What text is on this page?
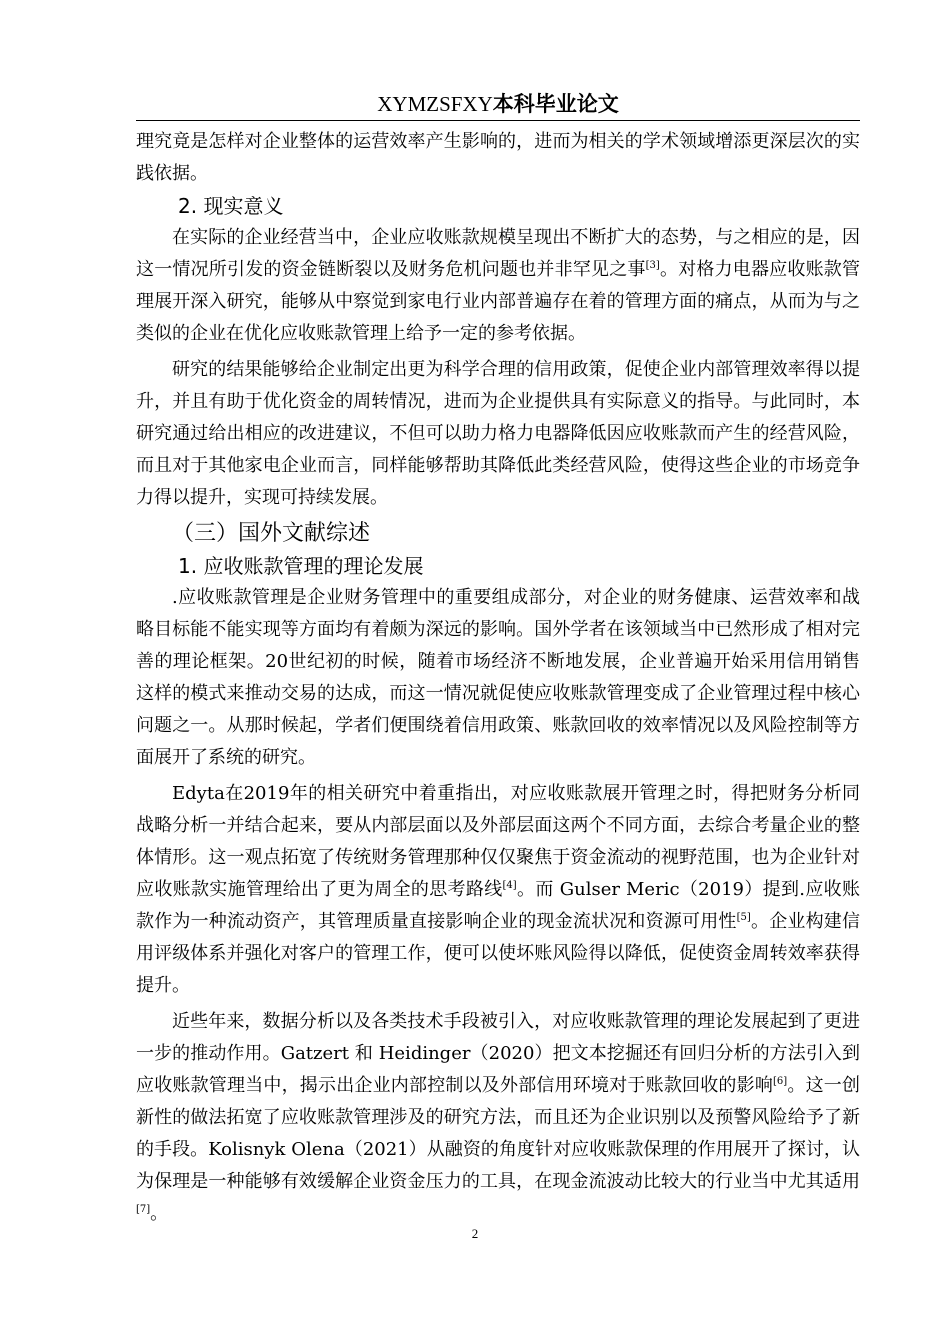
XYMZSFXY本科毕业论文

理究竟是怎样对企业整体的运营效率产生影响的，进而为相关的学术领域增添更深层次的实践依据。

2. 现实意义

在实际的企业经营当中，企业应收账款规模呈现出不断扩大的态势，与之相应的是，因这一情况所引发的资金链断裂以及财务危机问题也并非罕见之事[3]。对格力电器应收账款管理展开深入研究，能够从中察觉到家电行业内部普遍存在着的管理方面的痛点，从而为与之类似的企业在优化应收账款管理上给予一定的参考依据。

研究的结果能够给企业制定出更为科学合理的信用政策，促使企业内部管理效率得以提升，并且有助于优化资金的周转情况，进而为企业提供具有实际意义的指导。与此同时，本研究通过给出相应的改进建议，不但可以助力格力电器降低因应收账款而产生的经营风险，而且对于其他家电企业而言，同样能够帮助其降低此类经营风险，使得这些企业的市场竞争力得以提升，实现可持续发展。

（三）国外文献综述
1. 应收账款管理的理论发展

.应收账款管理是企业财务管理中的重要组成部分，对企业的财务健康、运营效率和战略目标能不能实现等方面均有着颇为深远的影响。国外学者在该领域当中已然形成了相对完善的理论框架。20世纪初的时候，随着市场经济不断地发展，企业普遍开始采用信用销售这样的模式来推动交易的达成，而这一情况就促使应收账款管理变成了企业管理过程中核心问题之一。从那时候起，学者们便围绕着信用政策、账款回收的效率情况以及风险控制等方面展开了系统的研究。

Edyta在2019年的相关研究中着重指出，对应收账款展开管理之时，得把财务分析同战略分析一并结合起来，要从内部层面以及外部层面这两个不同方面，去综合考量企业的整体情形。这一观点拓宽了传统财务管理那种仅仅聚焦于资金流动的视野范围，也为企业针对应收账款实施管理给出了更为周全的思考路线[4]。而 Gulser Meric（2019）提到.应收账款作为一种流动资产，其管理质量直接影响企业的现金流状况和资源可用性[5]。企业构建信用评级体系并强化对客户的管理工作，便可以使坏账风险得以降低，促使资金周转效率获得提升。

近些年来，数据分析以及各类技术手段被引入，对应收账款管理的理论发展起到了更进一步的推动作用。Gatzert 和 Heidinger（2020）把文本挖掘还有回归分析的方法引入到应收账款管理当中，揭示出企业内部控制以及外部信用环境对于账款回收的影响[6]。这一创新性的做法拓宽了应收账款管理涉及的研究方法，而且还为企业识别以及预警风险给予了新的手段。Kolisnyk Olena（2021）从融资的角度针对应收账款保理的作用展开了探讨，认为保理是一种能够有效缓解企业资金压力的工具，在现金流波动比较大的行业当中尤其适用[7]。

2
